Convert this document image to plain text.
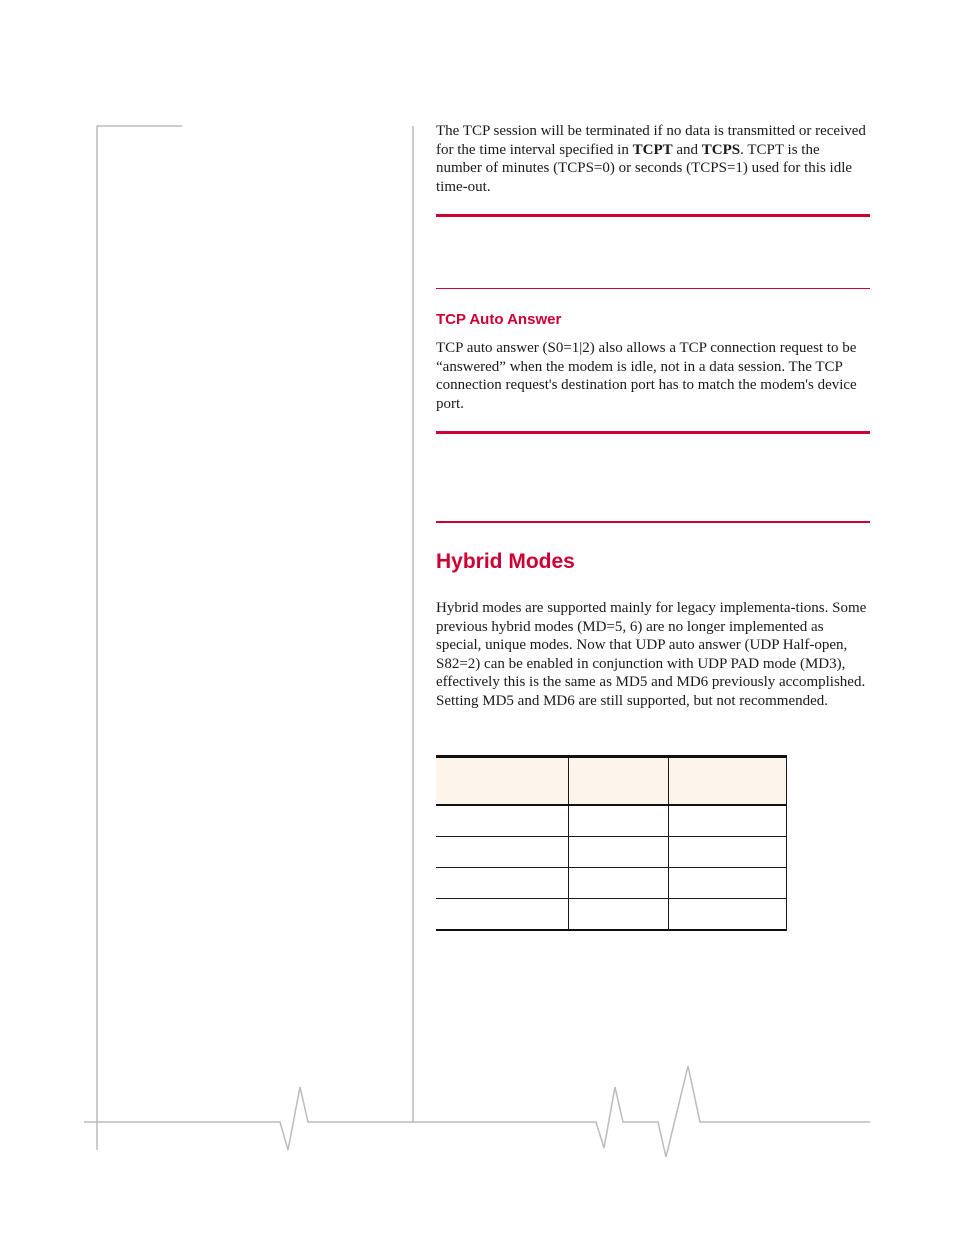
The TCP session will be terminated if no data is transmitted or received for the time interval specified in TCPT and TCPS. TCPT is the number of minutes (TCPS=0) or seconds (TCPS=1) used for this idle time-out.
TCP Auto Answer
TCP auto answer (S0=1|2) also allows a TCP connection request to be “answered” when the modem is idle, not in a data session. The TCP connection request's destination port has to match the modem's device port.
Hybrid Modes
Hybrid modes are supported mainly for legacy implementa-tions. Some previous hybrid modes (MD=5, 6) are no longer implemented as special, unique modes. Now that UDP auto answer (UDP Half-open, S82=2) can be enabled in conjunction with UDP PAD mode (MD3), effectively this is the same as MD5 and MD6 previously accomplished. Setting MD5 and MD6 are still supported, but not recommended.
